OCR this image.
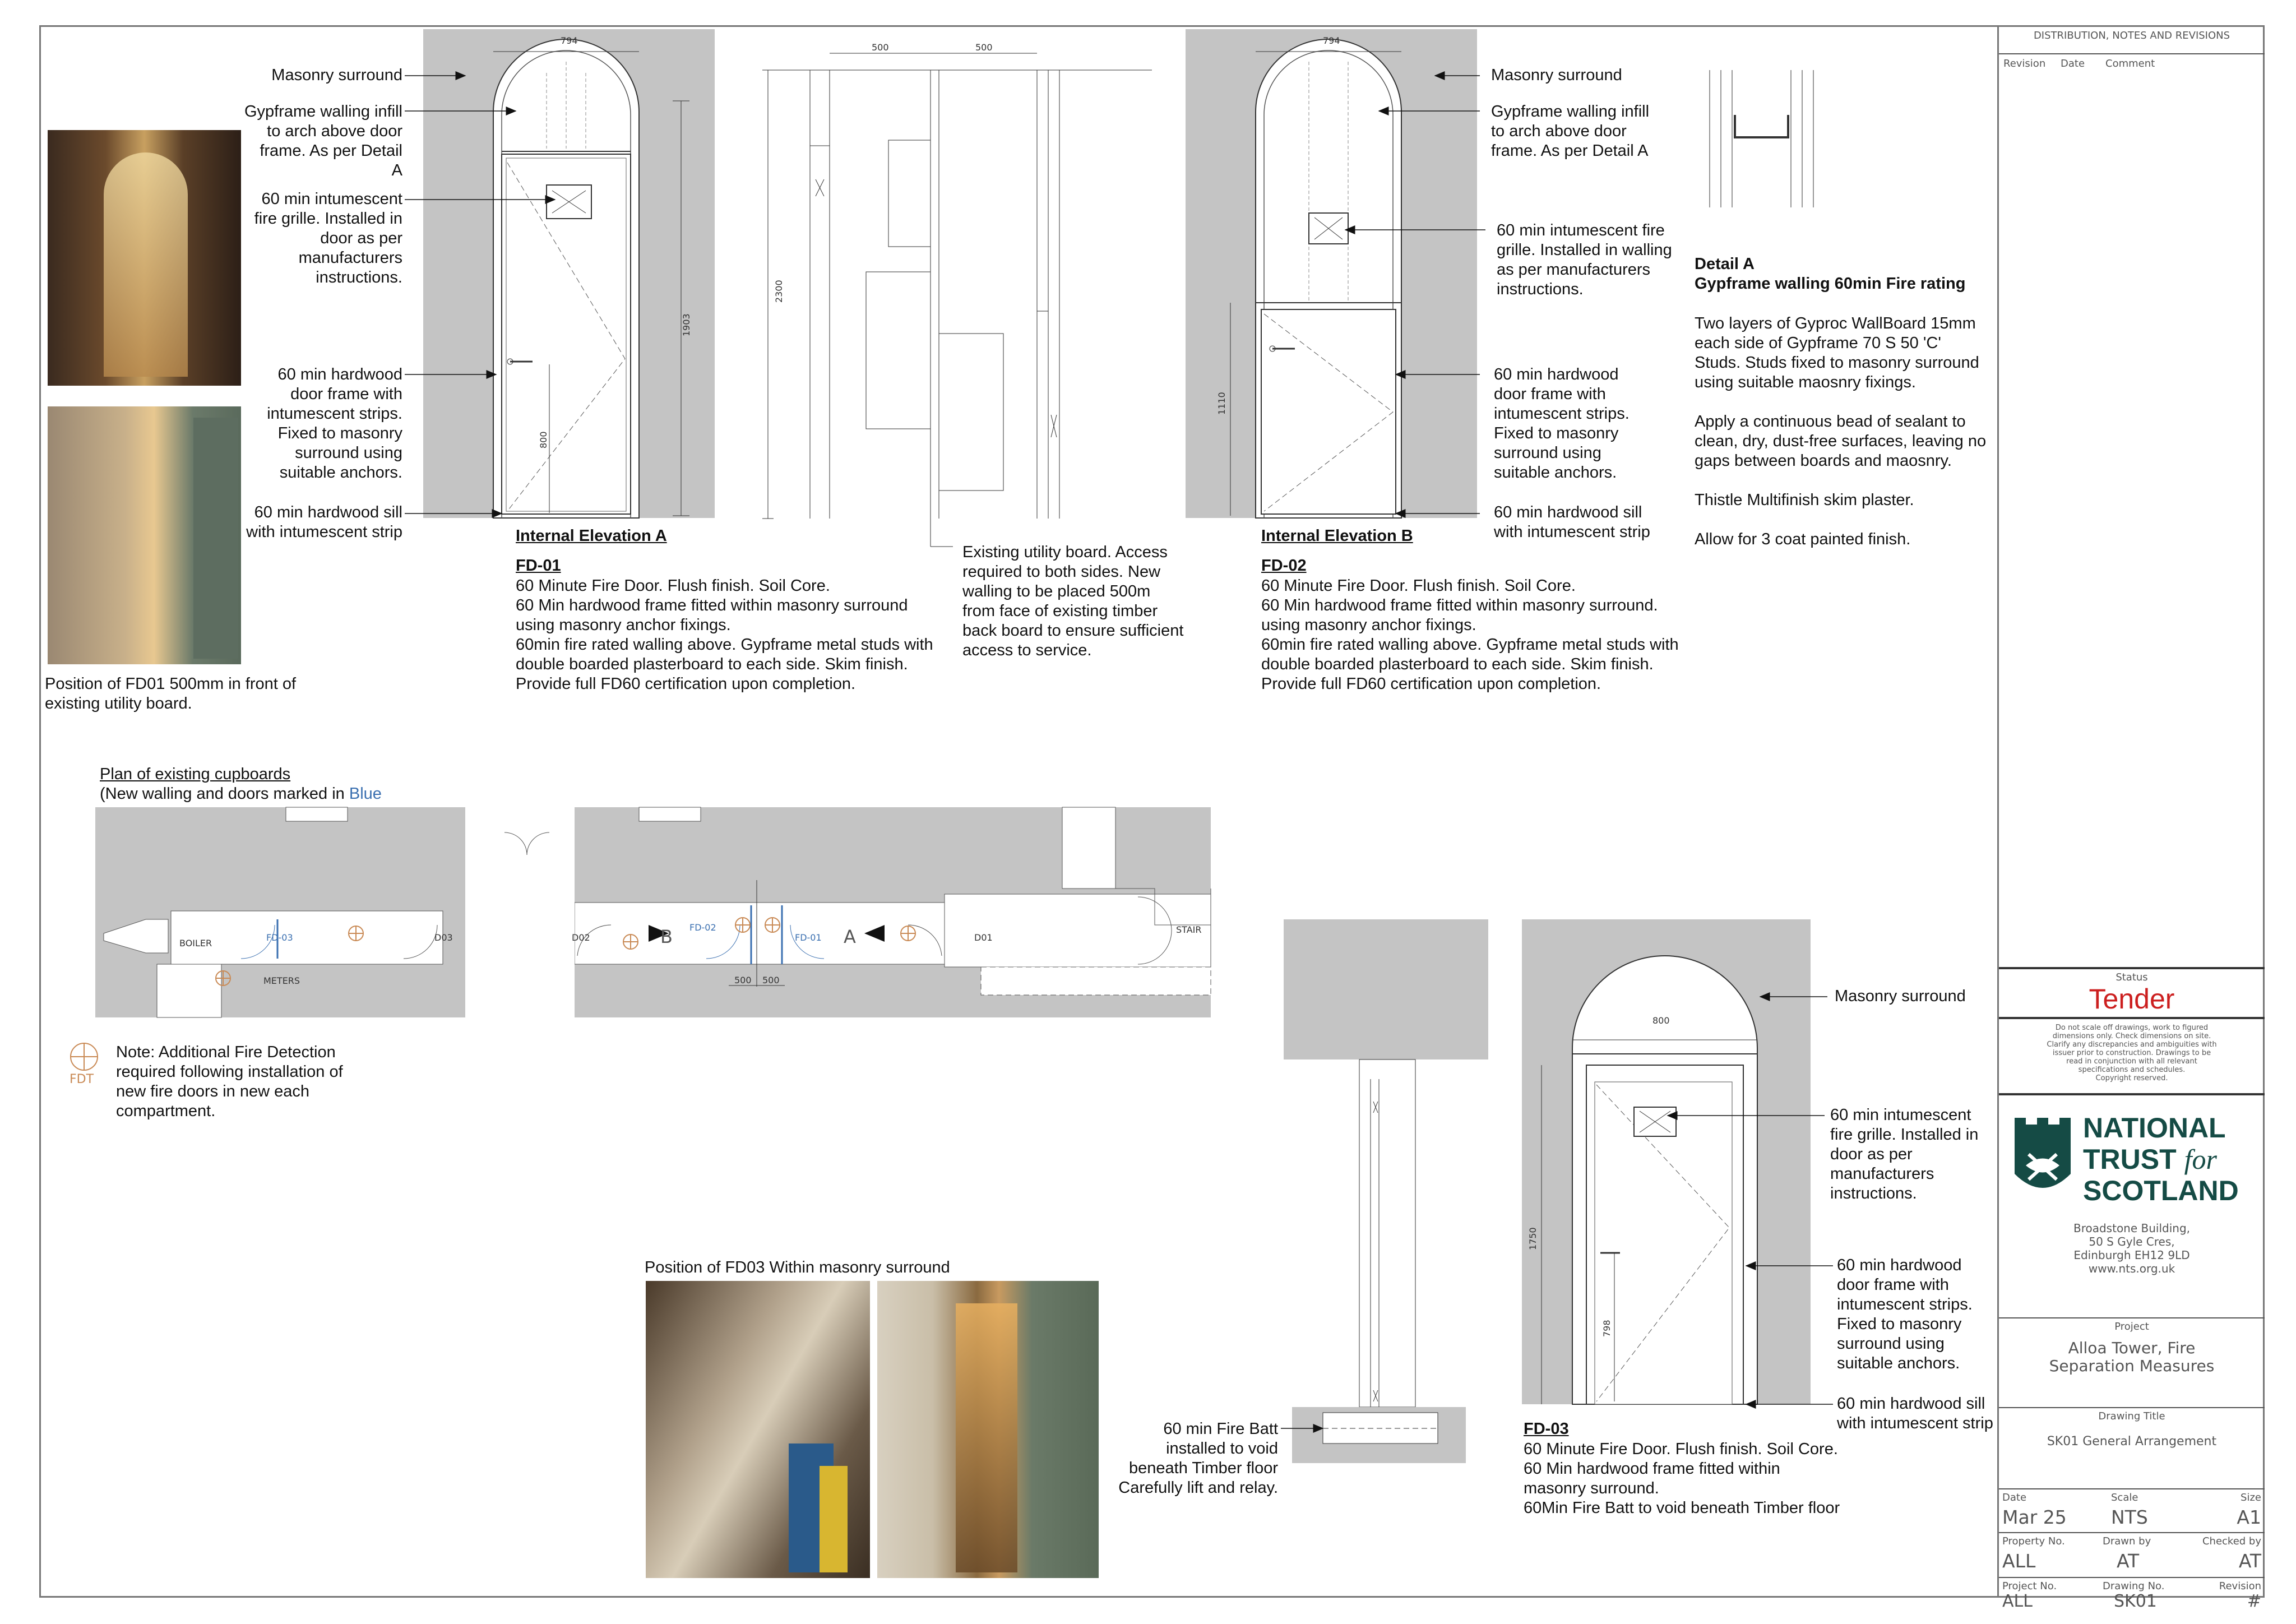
Position of FD01 500mm in front of
existing utility board.
794
1903
800
500	500
2300
794
1110
BOILER
METERS
FD-03	D03	D02
FD-02
FD-01	D01
STAIR
B	A
500 500
FDT
800
1750
798
Masonry surround
Gypframe walling infill
to arch above door
frame. As per Detail
A
60 min intumescent
fire grille. Installed in
door as per
manufacturers
instructions.
60 min hardwood
door frame with
intumescent strips.
Fixed to masonry
surround using
suitable anchors.
60 min hardwood sill
with intumescent strip	Internal Elevation A
FD-01
60 Minute Fire Door. Flush finish. Soil Core.
60 Min hardwood frame fitted within masonry surround
using masonry anchor fixings.
60min fire rated walling above. Gypframe metal studs with
double boarded plasterboard to each side. Skim finish.
Provide full FD60 certification upon completion.
Existing utility board. Access
required to both sides. New
walling to be placed 500m
from face of existing timber
back board to ensure sufficient
access to service.
Masonry surround
Gypframe walling infill
to arch above door
frame. As per Detail A
60 min intumescent fire
grille. Installed in walling
as per manufacturers
instructions.
60 min hardwood
door frame with
intumescent strips.
Fixed to masonry
surround using
suitable anchors.
60 min hardwood sill
with intumescent strip
Internal Elevation B
FD-02
60 Minute Fire Door. Flush finish. Soil Core.
60 Min hardwood frame fitted within masonry surround.
using masonry anchor fixings.
60min fire rated walling above. Gypframe metal studs with
double boarded plasterboard to each side. Skim finish.
Provide full FD60 certification upon completion.
Detail A
Gypframe walling 60min Fire rating
Two layers of Gyproc WallBoard 15mm
each side of Gypframe 70 S 50 'C'
Studs. Studs fixed to masonry surround
using suitable maosnry fixings.

Apply a continuous bead of sealant to
clean, dry, dust-free surfaces, leaving no
gaps between boards and maosnry.

Thistle Multifinish skim plaster.

Allow for 3 coat painted finish.
Plan of existing cupboards
(New walling and doors marked in Blue
Note: Additional Fire Detection
required following installation of
new fire doors in new each
compartment.
Position of FD03 Within masonry surround
60 min Fire Batt
installed to void
beneath Timber floor
Carefully lift and relay.
Masonry surround
60 min intumescent
fire grille. Installed in
door as per
manufacturers
instructions.
60 min hardwood
door frame with
intumescent strips.
Fixed to masonry
surround using
suitable anchors.
60 min hardwood sill
with intumescent strip
FD-03
60 Minute Fire Door. Flush finish. Soil Core.
60 Min hardwood frame fitted within
masonry surround.
60Min Fire Batt to void beneath Timber floor
DISTRIBUTION, NOTES AND REVISIONS
Revision Date Comment
Status
Tender
Do not scale off drawings, work to figured
dimensions only. Check dimensions on site.
Clarify any discrepancies and ambiguities with
issuer prior to construction. Drawings to be
read in conjunction with all relevant
specifications and schedules.
Copyright reserved.
NATIONAL
TRUST for
SCOTLAND
Broadstone Building,
50 S Gyle Cres,
Edinburgh EH12 9LD
www.nts.org.uk
Project
Alloa Tower, Fire
Separation Measures
Drawing Title
SK01 General Arrangement
Date	Scale	Size
Mar 25 NTS	A1
Property No.	Drawn by	Checked by
ALL	AT	AT
Project No.	Drawing No.	Revision
ALL	SK01	#
